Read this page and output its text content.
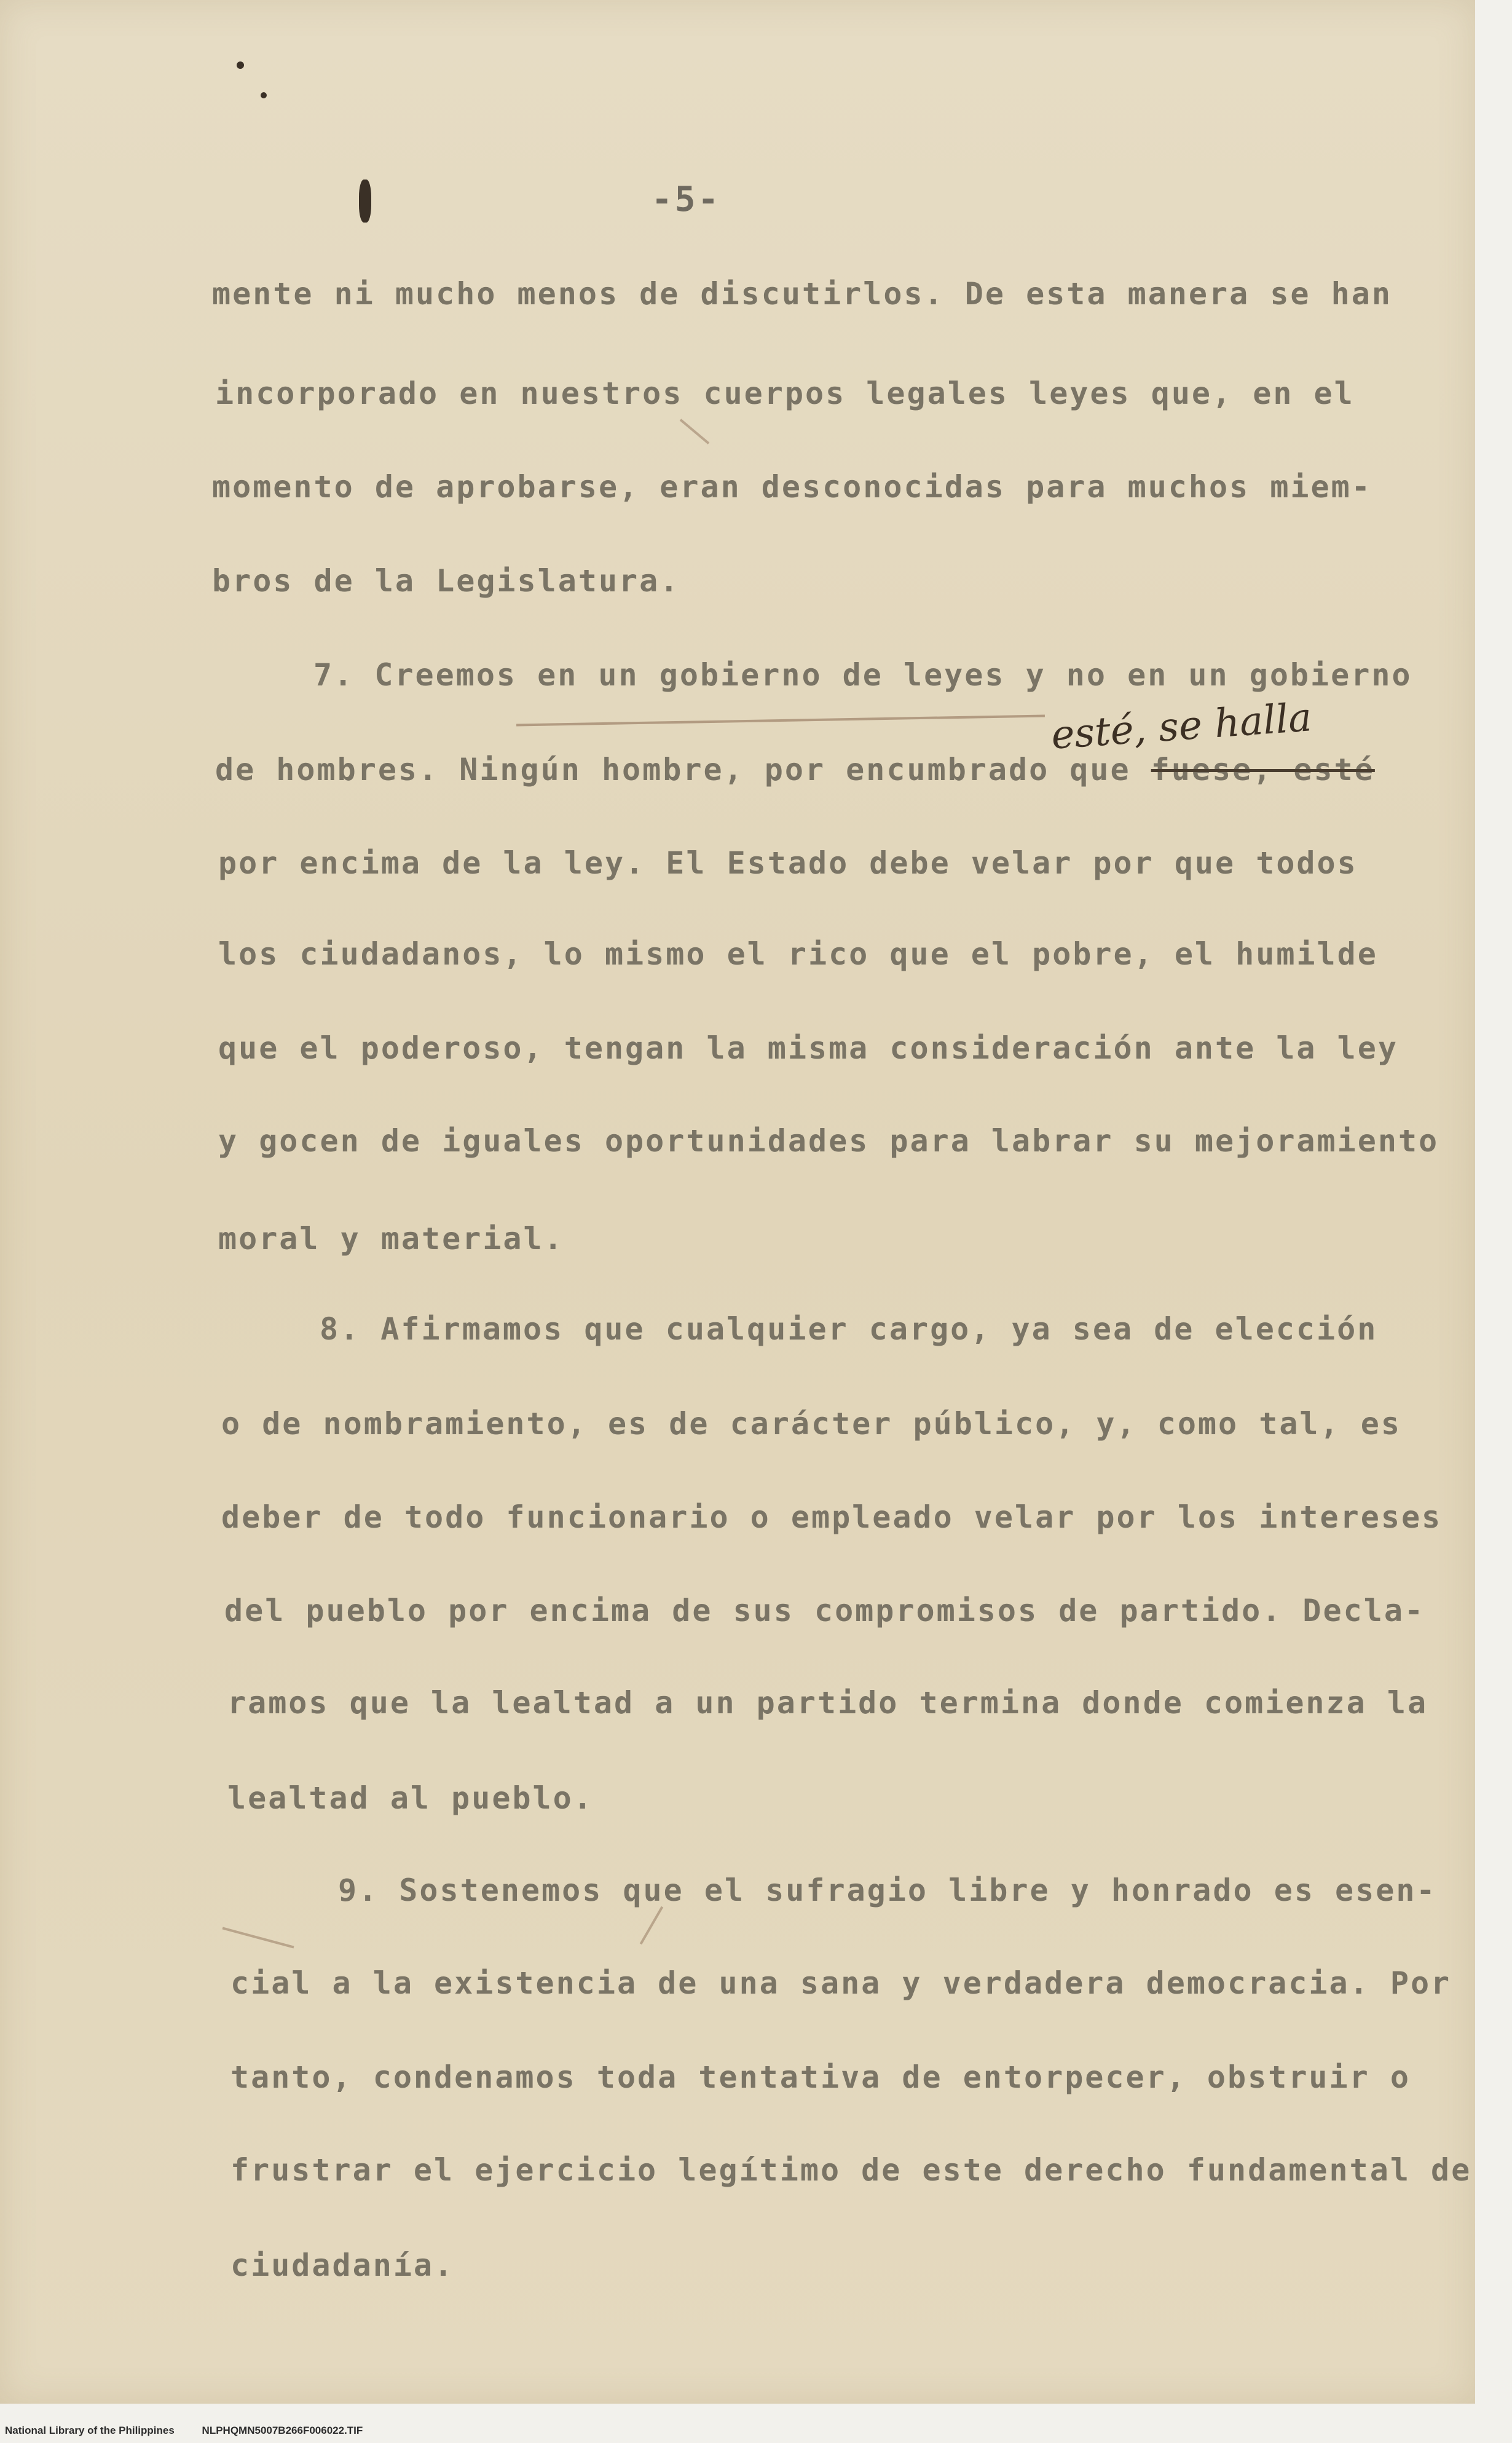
-5-
mente ni mucho menos de discutirlos. De esta manera se han
incorporado en nuestros cuerpos legales leyes que, en el
momento de aprobarse, eran desconocidas para muchos miem-
bros de la Legislatura.
7. Creemos en un gobierno de leyes y no en un gobierno
esté, se halla
de hombres. Ningún hombre, por encumbrado que fuese, esté
por encima de la ley. El Estado debe velar por que todos
los ciudadanos, lo mismo el rico que el pobre, el humilde
que el poderoso, tengan la misma consideración ante la ley
y gocen de iguales oportunidades para labrar su mejoramiento
moral y material.
8. Afirmamos que cualquier cargo, ya sea de elección
o de nombramiento, es de carácter público, y, como tal, es
deber de todo funcionario o empleado velar por los intereses
del pueblo por encima de sus compromisos de partido. Decla-
ramos que la lealtad a un partido termina donde comienza la
lealtad al pueblo.
9. Sostenemos que el sufragio libre y honrado es esen-
cial a la existencia de una sana y verdadera democracia. Por
tanto, condenamos toda tentativa de entorpecer, obstruir o
frustrar el ejercicio legítimo de este derecho fundamental de
ciudadanía.
National Library of the Philippines	NLPHQMN5007B266F006022.TIF
